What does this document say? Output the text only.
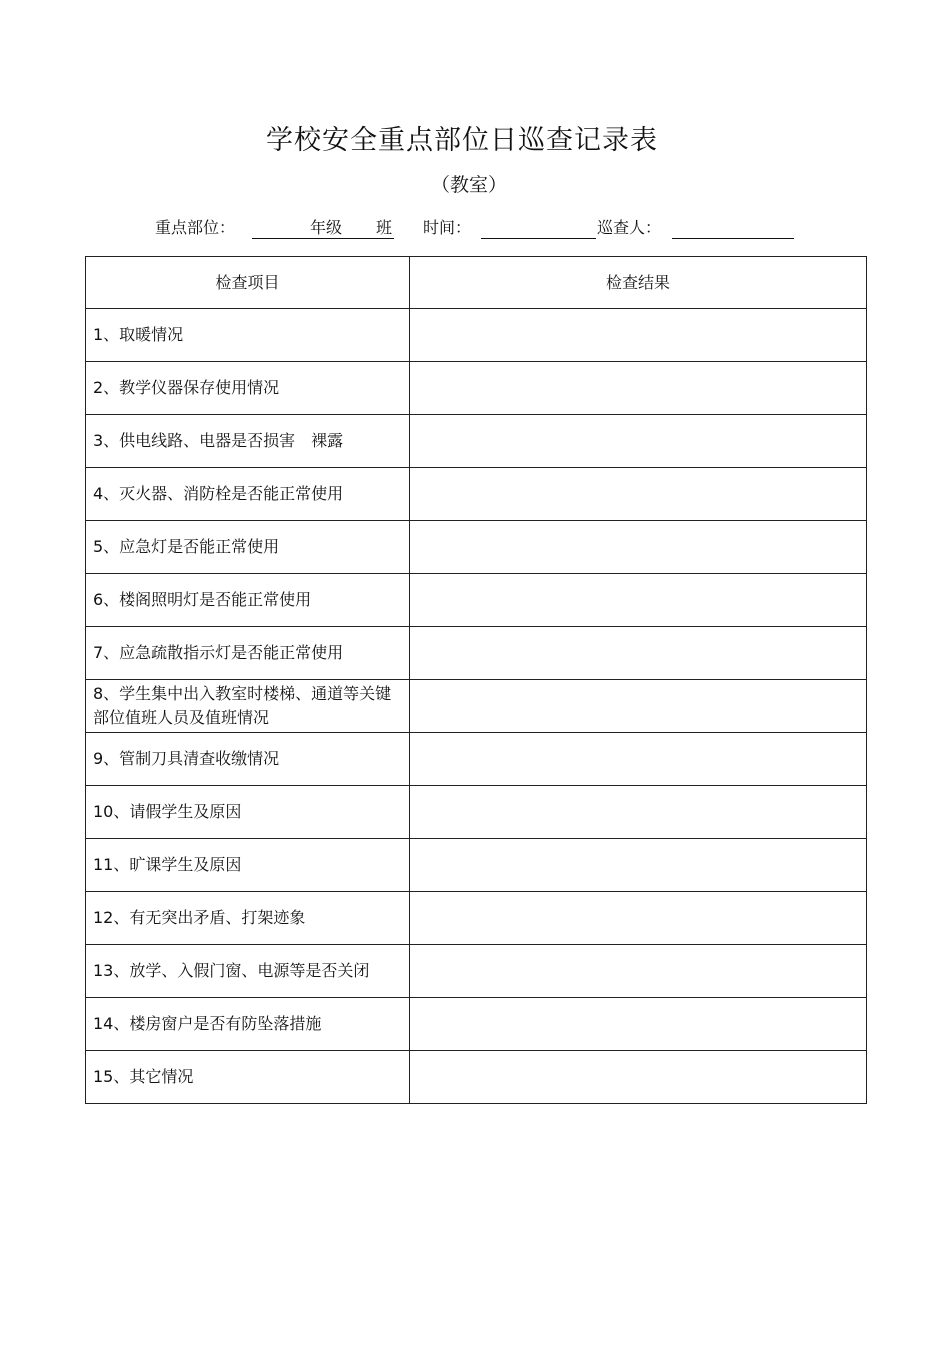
学校安全重点部位日巡查记录表
（教室）
重点部位：	年级 班 时间：	巡查人：
检查项目	检查结果
1、取暖情况	
2、教学仪器保存使用情况	
3、供电线路、电器是否损害　裸露	
4、灭火器、消防栓是否能正常使用	
5、应急灯是否能正常使用	
6、楼阁照明灯是否能正常使用	
7、应急疏散指示灯是否能正常使用	
8、学生集中出入教室时楼梯、通道等关键部位值班人员及值班情况	
9、管制刀具清查收缴情况	
10、请假学生及原因	
11、旷课学生及原因	
12、有无突出矛盾、打架迹象	
13、放学、入假门窗、电源等是否关闭	
14、楼房窗户是否有防坠落措施	
15、其它情况	
